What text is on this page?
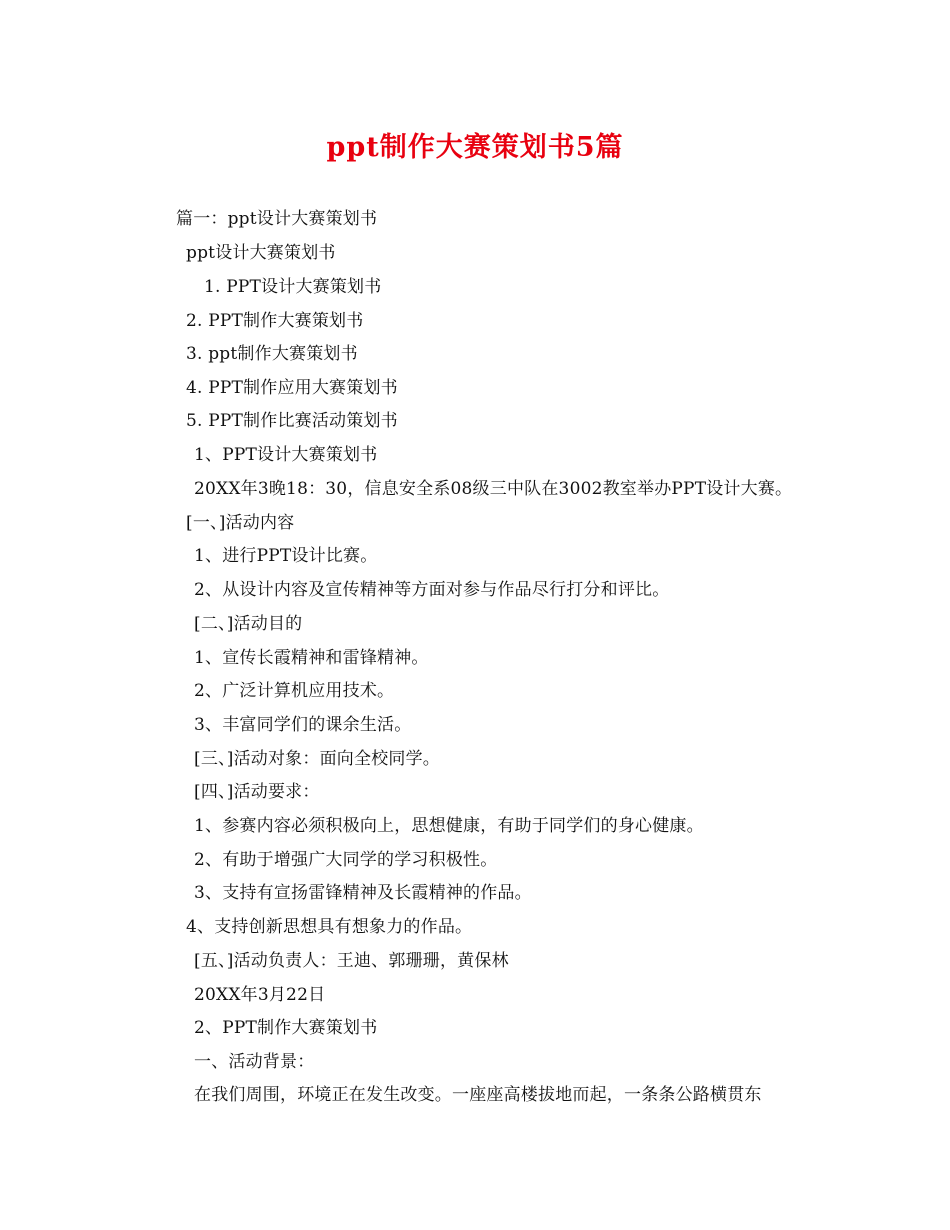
ppt制作大赛策划书5篇
篇一：ppt设计大赛策划书
ppt设计大赛策划书
1. PPT设计大赛策划书
2. PPT制作大赛策划书
3. ppt制作大赛策划书
4. PPT制作应用大赛策划书
5. PPT制作比赛活动策划书
1、PPT设计大赛策划书
20XX年3晚18：30，信息安全系08级三中队在3002教室举办PPT设计大赛。
[一、]活动内容
1、进行PPT设计比赛。
2、从设计内容及宣传精神等方面对参与作品尽行打分和评比。
[二、]活动目的
1、宣传长霞精神和雷锋精神。
2、广泛计算机应用技术。
3、丰富同学们的课余生活。
[三、]活动对象：面向全校同学。
[四、]活动要求：
1、参赛内容必须积极向上，思想健康，有助于同学们的身心健康。
2、有助于增强广大同学的学习积极性。
3、支持有宣扬雷锋精神及长霞精神的作品。
4、支持创新思想具有想象力的作品。
[五、]活动负责人：王迪、郭珊珊，黄保林
20XX年3月22日
2、PPT制作大赛策划书
一、活动背景：
在我们周围，环境正在发生改变。一座座高楼拔地而起，一条条公路横贯东
